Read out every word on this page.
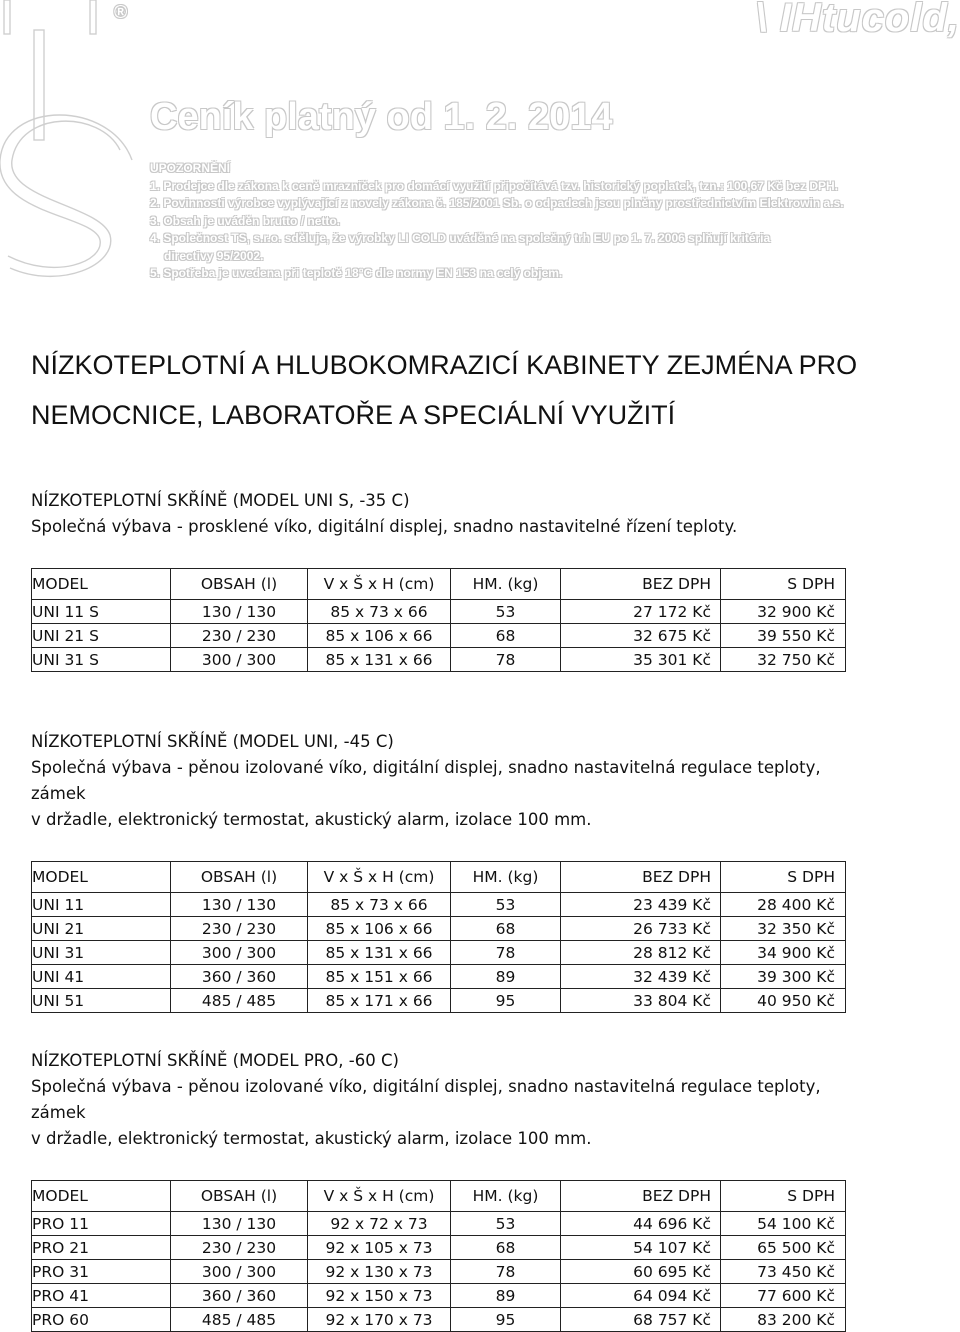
®	\ IHtucold,
Ceník platný od 1. 2. 2014
UPOZORNĚNÍ
1. Prodejce dle zákona k ceně mrazniček pro domácí využití připočítává tzv. historický poplatek, tzn.: 100,67 Kč bez DPH.
2. Povinnosti výrobce vyplývající z novely zákona č. 185/2001 Sb. o odpadech jsou plněny prostřednictvím Elektrowin a.s.
3. Obsah je uváděn brutto / netto.
4. Společnost TS, s.r.o. sděluje, že výrobky LI COLD uváděné na společný trh EU po 1. 7. 2006 splňují kritéria
directivy 95/2002.
5. Spotřeba je uvedena při teplotě 18°C dle normy EN 153 na celý objem.
NÍZKOTEPLOTNÍ A HLUBOKOMRAZICÍ KABINETY ZEJMÉNA PRO
NEMOCNICE, LABORATOŘE A SPECIÁLNÍ VYUŽITÍ
NÍZKOTEPLOTNÍ SKŘÍNĚ (MODEL UNI S, -35 C)

Společná výbava - prosklené víko, digitální displej, snadno nastavitelné řízení teploty.

MODEL	OBSAH (l)	V x Š x H (cm)	HM. (kg)	BEZ DPH	S DPH
UNI 11 S	130 / 130	85 x 73 x 66	53	27 172 Kč	32 900 Kč
UNI 21 S	230 / 230	85 x 106 x 66	68	32 675 Kč	39 550 Kč
UNI 31 S	300 / 300	85 x 131 x 66	78	35 301 Kč	32 750 Kč
NÍZKOTEPLOTNÍ SKŘÍNĚ (MODEL UNI, -45 C)

Společná výbava - pěnou izolované víko, digitální displej, snadno nastavitelná regulace teploty, zámek
v držadle, elektronický termostat, akustický alarm, izolace 100 mm.

MODEL	OBSAH (l)	V x Š x H (cm)	HM. (kg)	BEZ DPH	S DPH
UNI 11	130 / 130	85 x 73 x 66	53	23 439 Kč	28 400 Kč
UNI 21	230 / 230	85 x 106 x 66	68	26 733 Kč	32 350 Kč
UNI 31	300 / 300	85 x 131 x 66	78	28 812 Kč	34 900 Kč
UNI 41	360 / 360	85 x 151 x 66	89	32 439 Kč	39 300 Kč
UNI 51	485 / 485	85 x 171 x 66	95	33 804 Kč	40 950 Kč
NÍZKOTEPLOTNÍ SKŘÍNĚ (MODEL PRO, -60 C)

Společná výbava - pěnou izolované víko, digitální displej, snadno nastavitelná regulace teploty, zámek
v držadle, elektronický termostat, akustický alarm, izolace 100 mm.

MODEL	OBSAH (l)	V x Š x H (cm)	HM. (kg)	BEZ DPH	S DPH
PRO 11	130 / 130	92 x 72 x 73	53	44 696 Kč	54 100 Kč
PRO 21	230 / 230	92 x 105 x 73	68	54 107 Kč	65 500 Kč
PRO 31	300 / 300	92 x 130 x 73	78	60 695 Kč	73 450 Kč
PRO 41	360 / 360	92 x 150 x 73	89	64 094 Kč	77 600 Kč
PRO 60	485 / 485	92 x 170 x 73	95	68 757 Kč	83 200 Kč
